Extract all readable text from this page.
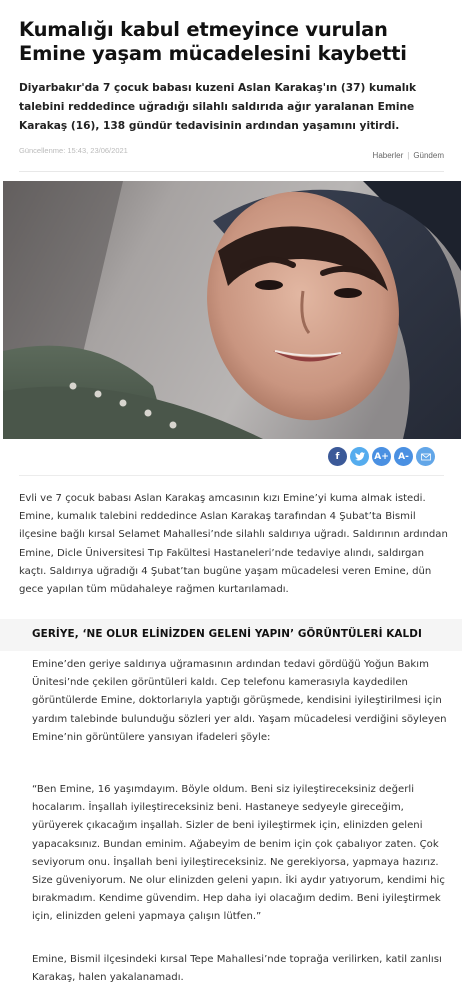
Kumalığı kabul etmeyince vurulan Emine yaşam mücadelesini kaybetti

Diyarbakır'da 7 çocuk babası kuzeni Aslan Karakaş'ın (37) kumalık talebini reddedince uğradığı silahlı saldırıda ağır yaralanan Emine Karakaş (16), 138 gündür tedavisinin ardından yaşamını yitirdi.

Güncellenme: 15:43, 23/06/2021
Haberler | Gündem
f	A+	A-

Evli ve 7 çocuk babası Aslan Karakaş amcasının kızı Emine’yi kuma almak istedi. Emine, kumalık talebini reddedince Aslan Karakaş tarafından 4 Şubat’ta Bismil ilçesine bağlı kırsal Selamet Mahallesi’nde silahlı saldırıya uğradı. Saldırının ardından Emine, Dicle Üniversitesi Tıp Fakültesi Hastaneleri’nde tedaviye alındı, saldırgan kaçtı. Saldırıya uğradığı 4 Şubat’tan bugüne yaşam mücadelesi veren Emine, dün gece yapılan tüm müdahaleye rağmen kurtarılamadı.

GERİYE, ‘NE OLUR ELİNİZDEN GELENİ YAPIN’ GÖRÜNTÜLERİ KALDI

Emine’den geriye saldırıya uğramasının ardından tedavi gördüğü Yoğun Bakım Ünitesi’nde çekilen görüntüleri kaldı. Cep telefonu kamerasıyla kaydedilen görüntülerde Emine, doktorlarıyla yaptığı görüşmede, kendisini iyileştirilmesi için yardım talebinde bulunduğu sözleri yer aldı. Yaşam mücadelesi verdiğini söyleyen Emine’nin görüntülere yansıyan ifadeleri şöyle:

“Ben Emine, 16 yaşımdayım. Böyle oldum. Beni siz iyileştireceksiniz değerli hocalarım. İnşallah iyileştireceksiniz beni. Hastaneye sedyeyle gireceğim, yürüyerek çıkacağım inşallah. Sizler de beni iyileştirmek için, elinizden geleni yapacaksınız. Bundan eminim. Ağabeyim de benim için çok çabalıyor zaten. Çok seviyorum onu. İnşallah beni iyileştireceksiniz. Ne gerekiyorsa, yapmaya hazırız. Size güveniyorum. Ne olur elinizden geleni yapın. İki aydır yatıyorum, kendimi hiç bırakmadım. Kendime güvendim. Hep daha iyi olacağım dedim. Beni iyileştirmek için, elinizden geleni yapmaya çalışın lütfen.”

Emine, Bismil ilçesindeki kırsal Tepe Mahallesi’nde toprağa verilirken, katil zanlısı Karakaş, halen yakalanamadı.
